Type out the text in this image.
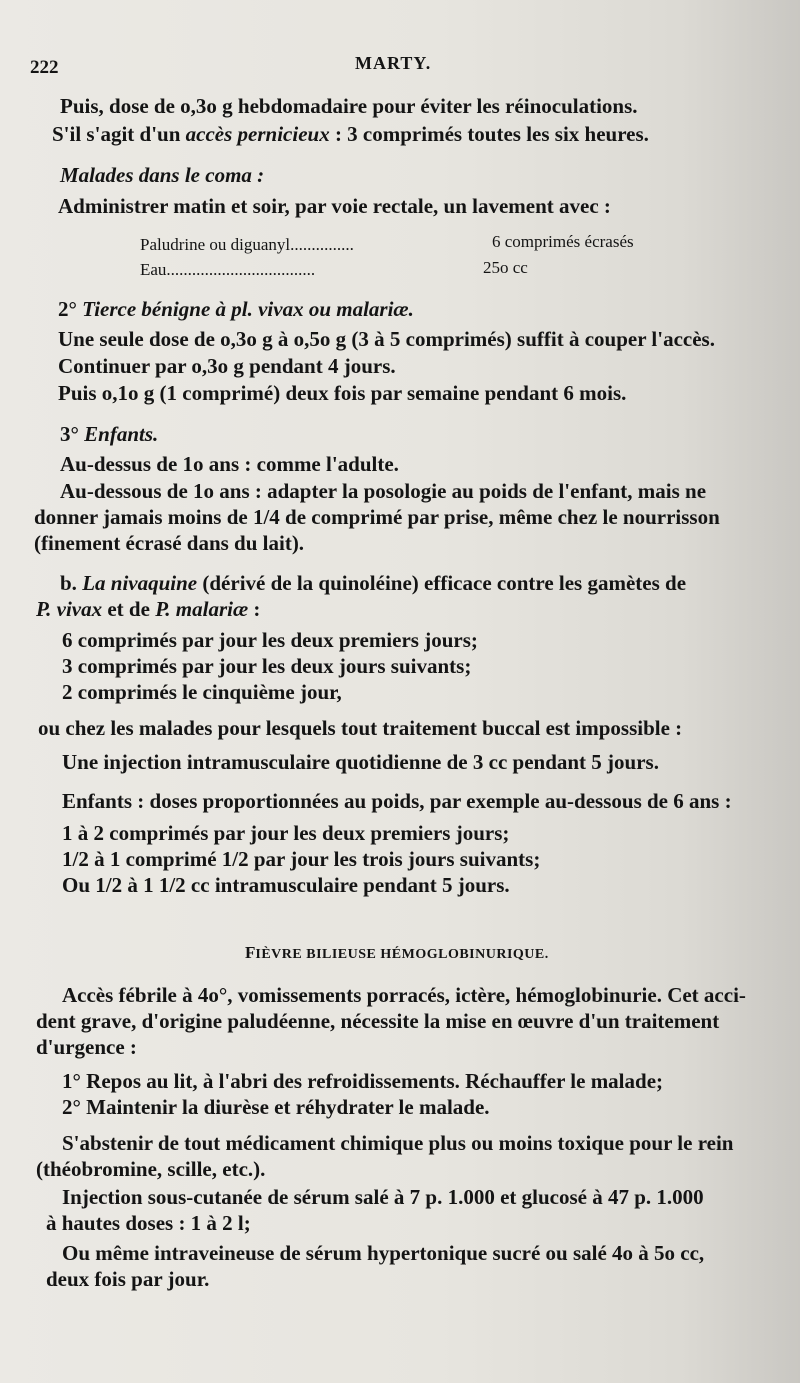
222	MARTY.
Puis, dose de o,3o g hebdomadaire pour éviter les réinoculations.
S'il s'agit d'un accès pernicieux : 3 comprimés toutes les six heures.
Malades dans le coma :
Administrer matin et soir, par voie rectale, un lavement avec :
Paludrine ou diguanyl...............	6 comprimés écrasés
Eau...................................	25o cc
2° Tierce bénigne à pl. vivax ou malariæ.
Une seule dose de o,3o g à o,5o g (3 à 5 comprimés) suffit à couper l'accès.
Continuer par o,3o g pendant 4 jours.
Puis o,1o g (1 comprimé) deux fois par semaine pendant 6 mois.
3° Enfants.
Au-dessus de 1o ans : comme l'adulte.
Au-dessous de 1o ans : adapter la posologie au poids de l'enfant, mais ne
donner jamais moins de 1/4 de comprimé par prise, même chez le nourrisson
(finement écrasé dans du lait).
b. La nivaquine (dérivé de la quinoléine) efficace contre les gamètes de
P. vivax et de P. malariæ :
6 comprimés par jour les deux premiers jours;
3 comprimés par jour les deux jours suivants;
2 comprimés le cinquième jour,
ou chez les malades pour lesquels tout traitement buccal est impossible :
Une injection intramusculaire quotidienne de 3 cc pendant 5 jours.
Enfants : doses proportionnées au poids, par exemple au-dessous de 6 ans :
1 à 2 comprimés par jour les deux premiers jours;
1/2 à 1 comprimé 1/2 par jour les trois jours suivants;
Ou 1/2 à 1 1/2 cc intramusculaire pendant 5 jours.
FIÈVRE BILIEUSE HÉMOGLOBINURIQUE.
Accès fébrile à 4o°, vomissements porracés, ictère, hémoglobinurie. Cet acci-
dent grave, d'origine paludéenne, nécessite la mise en œuvre d'un traitement
d'urgence :
1° Repos au lit, à l'abri des refroidissements. Réchauffer le malade;
2° Maintenir la diurèse et réhydrater le malade.
S'abstenir de tout médicament chimique plus ou moins toxique pour le rein
(théobromine, scille, etc.).
Injection sous-cutanée de sérum salé à 7 p. 1.000 et glucosé à 47 p. 1.000
à hautes doses : 1 à 2 l;
Ou même intraveineuse de sérum hypertonique sucré ou salé 4o à 5o cc,
deux fois par jour.
